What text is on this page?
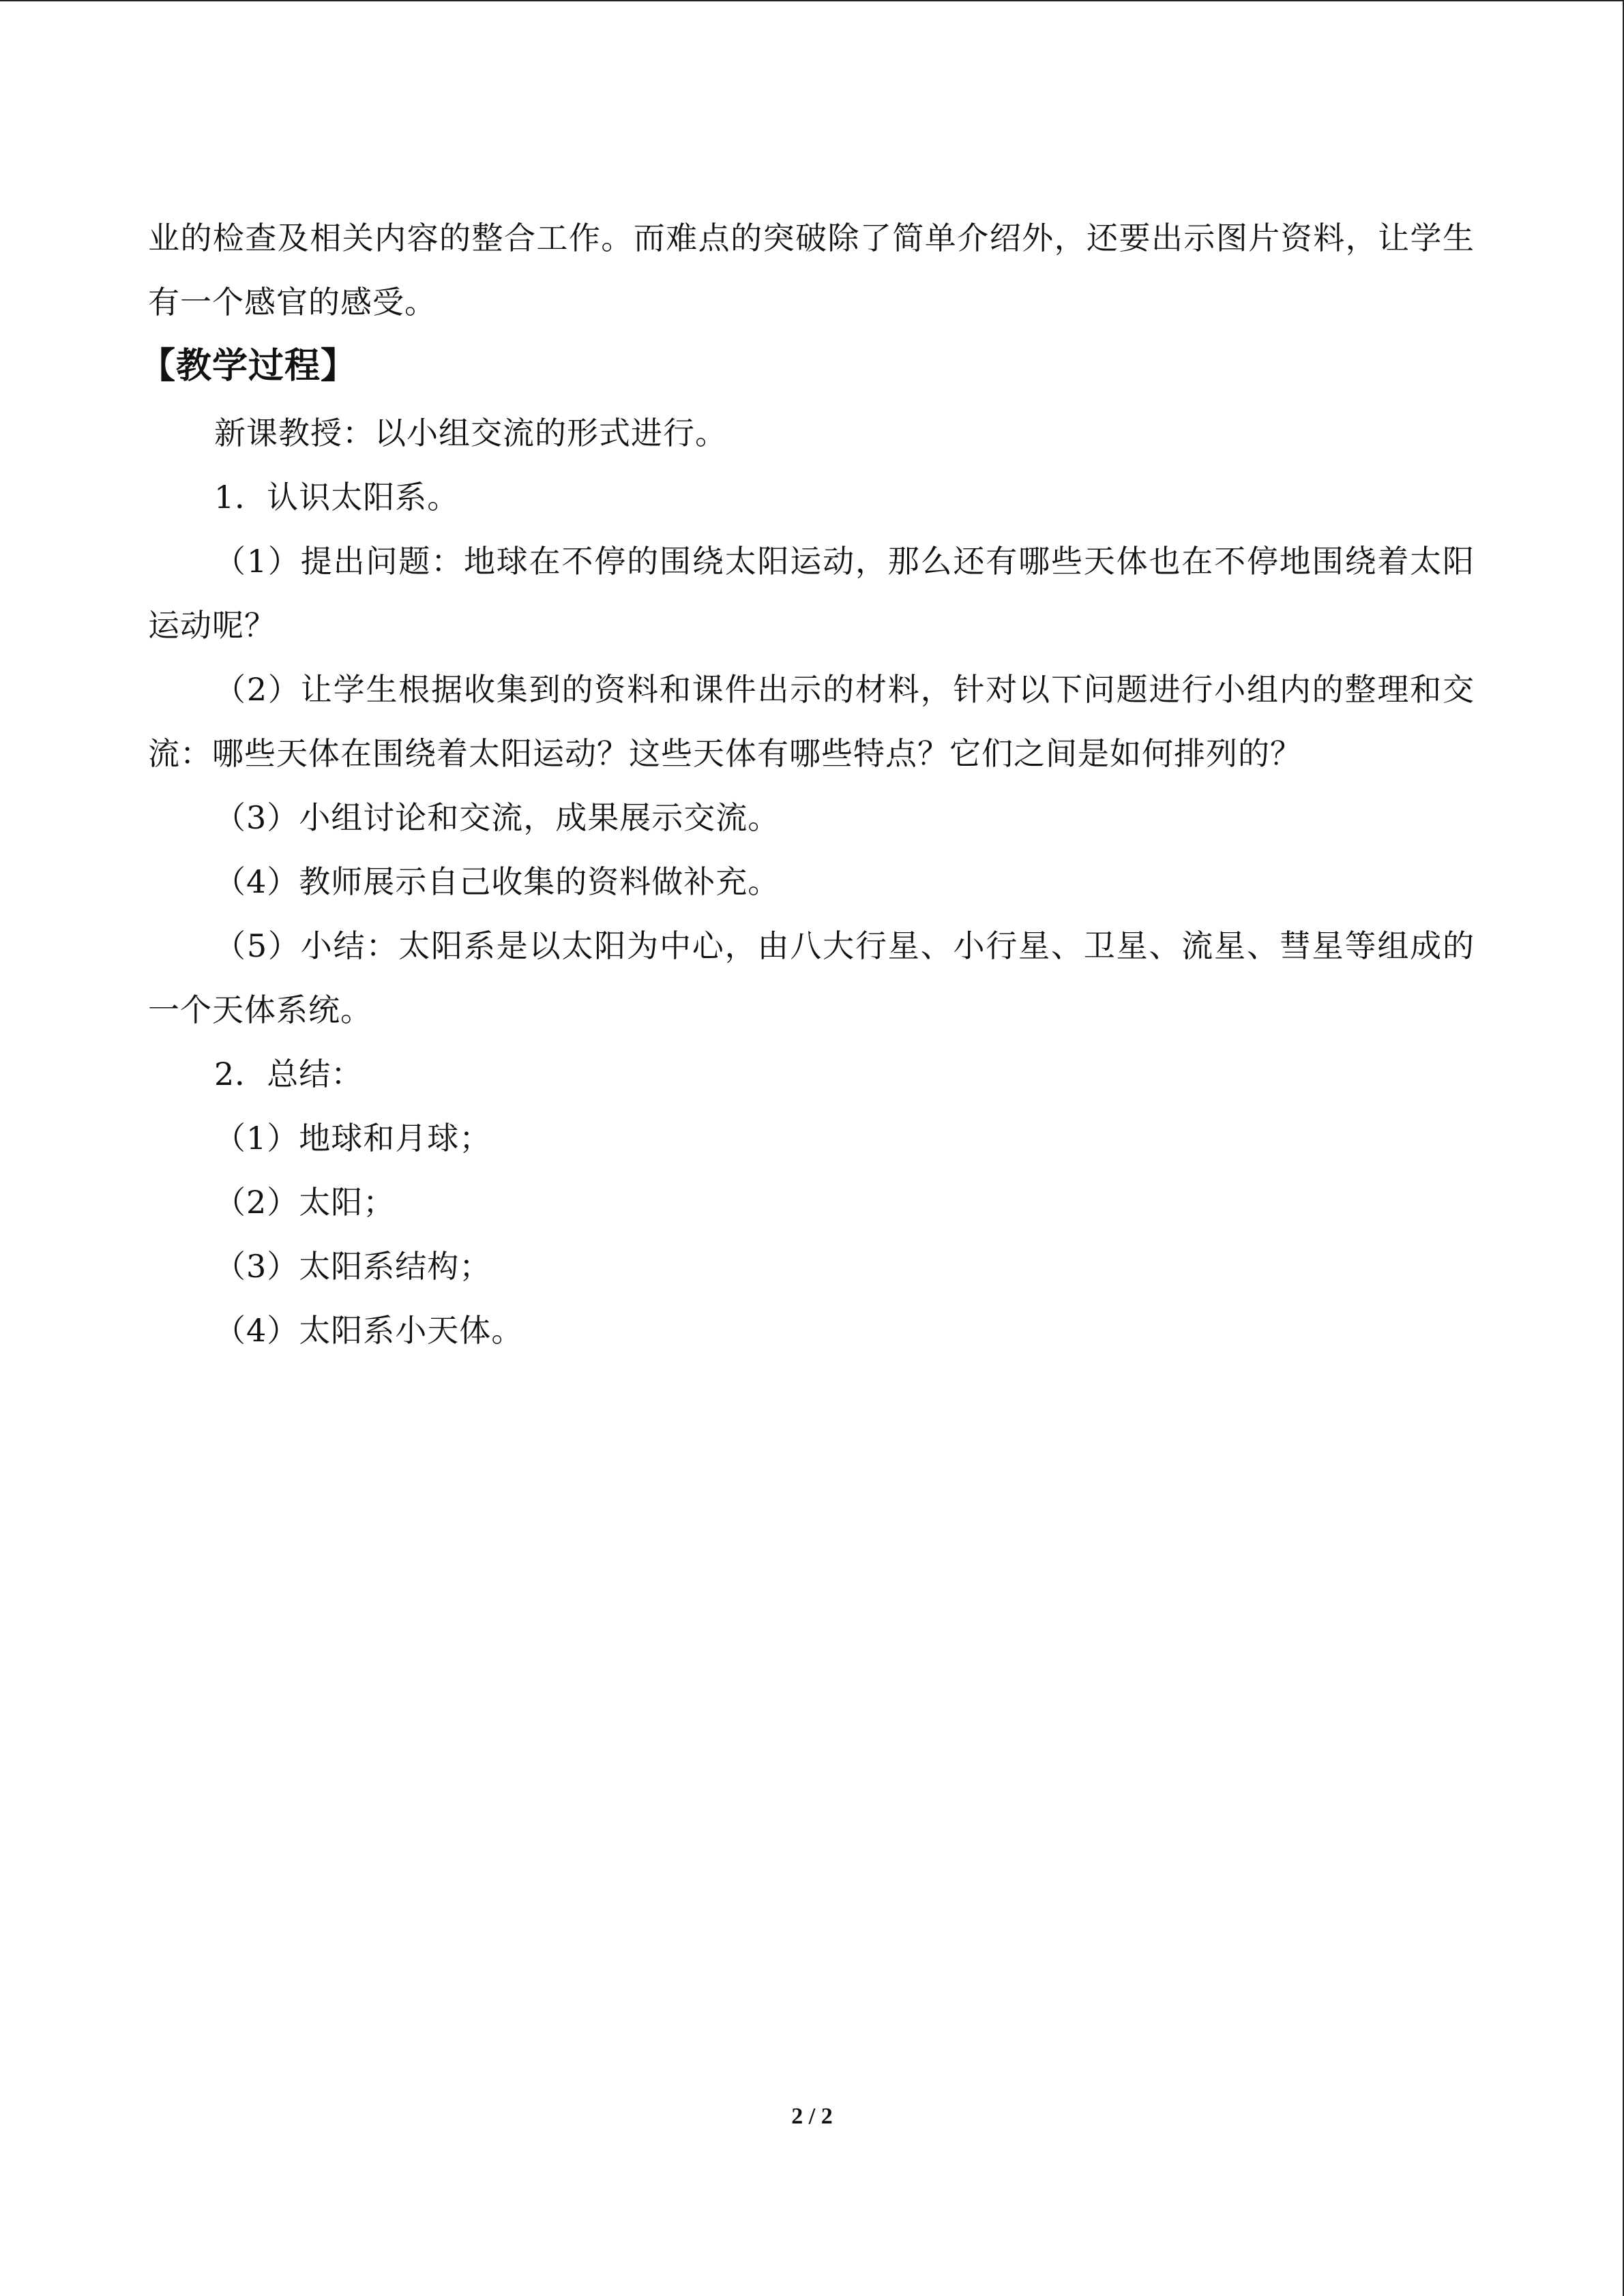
业的检查及相关内容的整合工作。而难点的突破除了简单介绍外，还要出示图片资料，让学生有一个感官的感受。

【教学过程】

新课教授：以小组交流的形式进行。

1．认识太阳系。

（1）提出问题：地球在不停的围绕太阳运动，那么还有哪些天体也在不停地围绕着太阳运动呢？

（2）让学生根据收集到的资料和课件出示的材料，针对以下问题进行小组内的整理和交流：哪些天体在围绕着太阳运动？这些天体有哪些特点？它们之间是如何排列的？

（3）小组讨论和交流，成果展示交流。

（4）教师展示自己收集的资料做补充。

（5）小结：太阳系是以太阳为中心，由八大行星、小行星、卫星、流星、彗星等组成的一个天体系统。

2．总结：

（1）地球和月球；

（2）太阳；

（3）太阳系结构；

（4）太阳系小天体。

2 / 2
